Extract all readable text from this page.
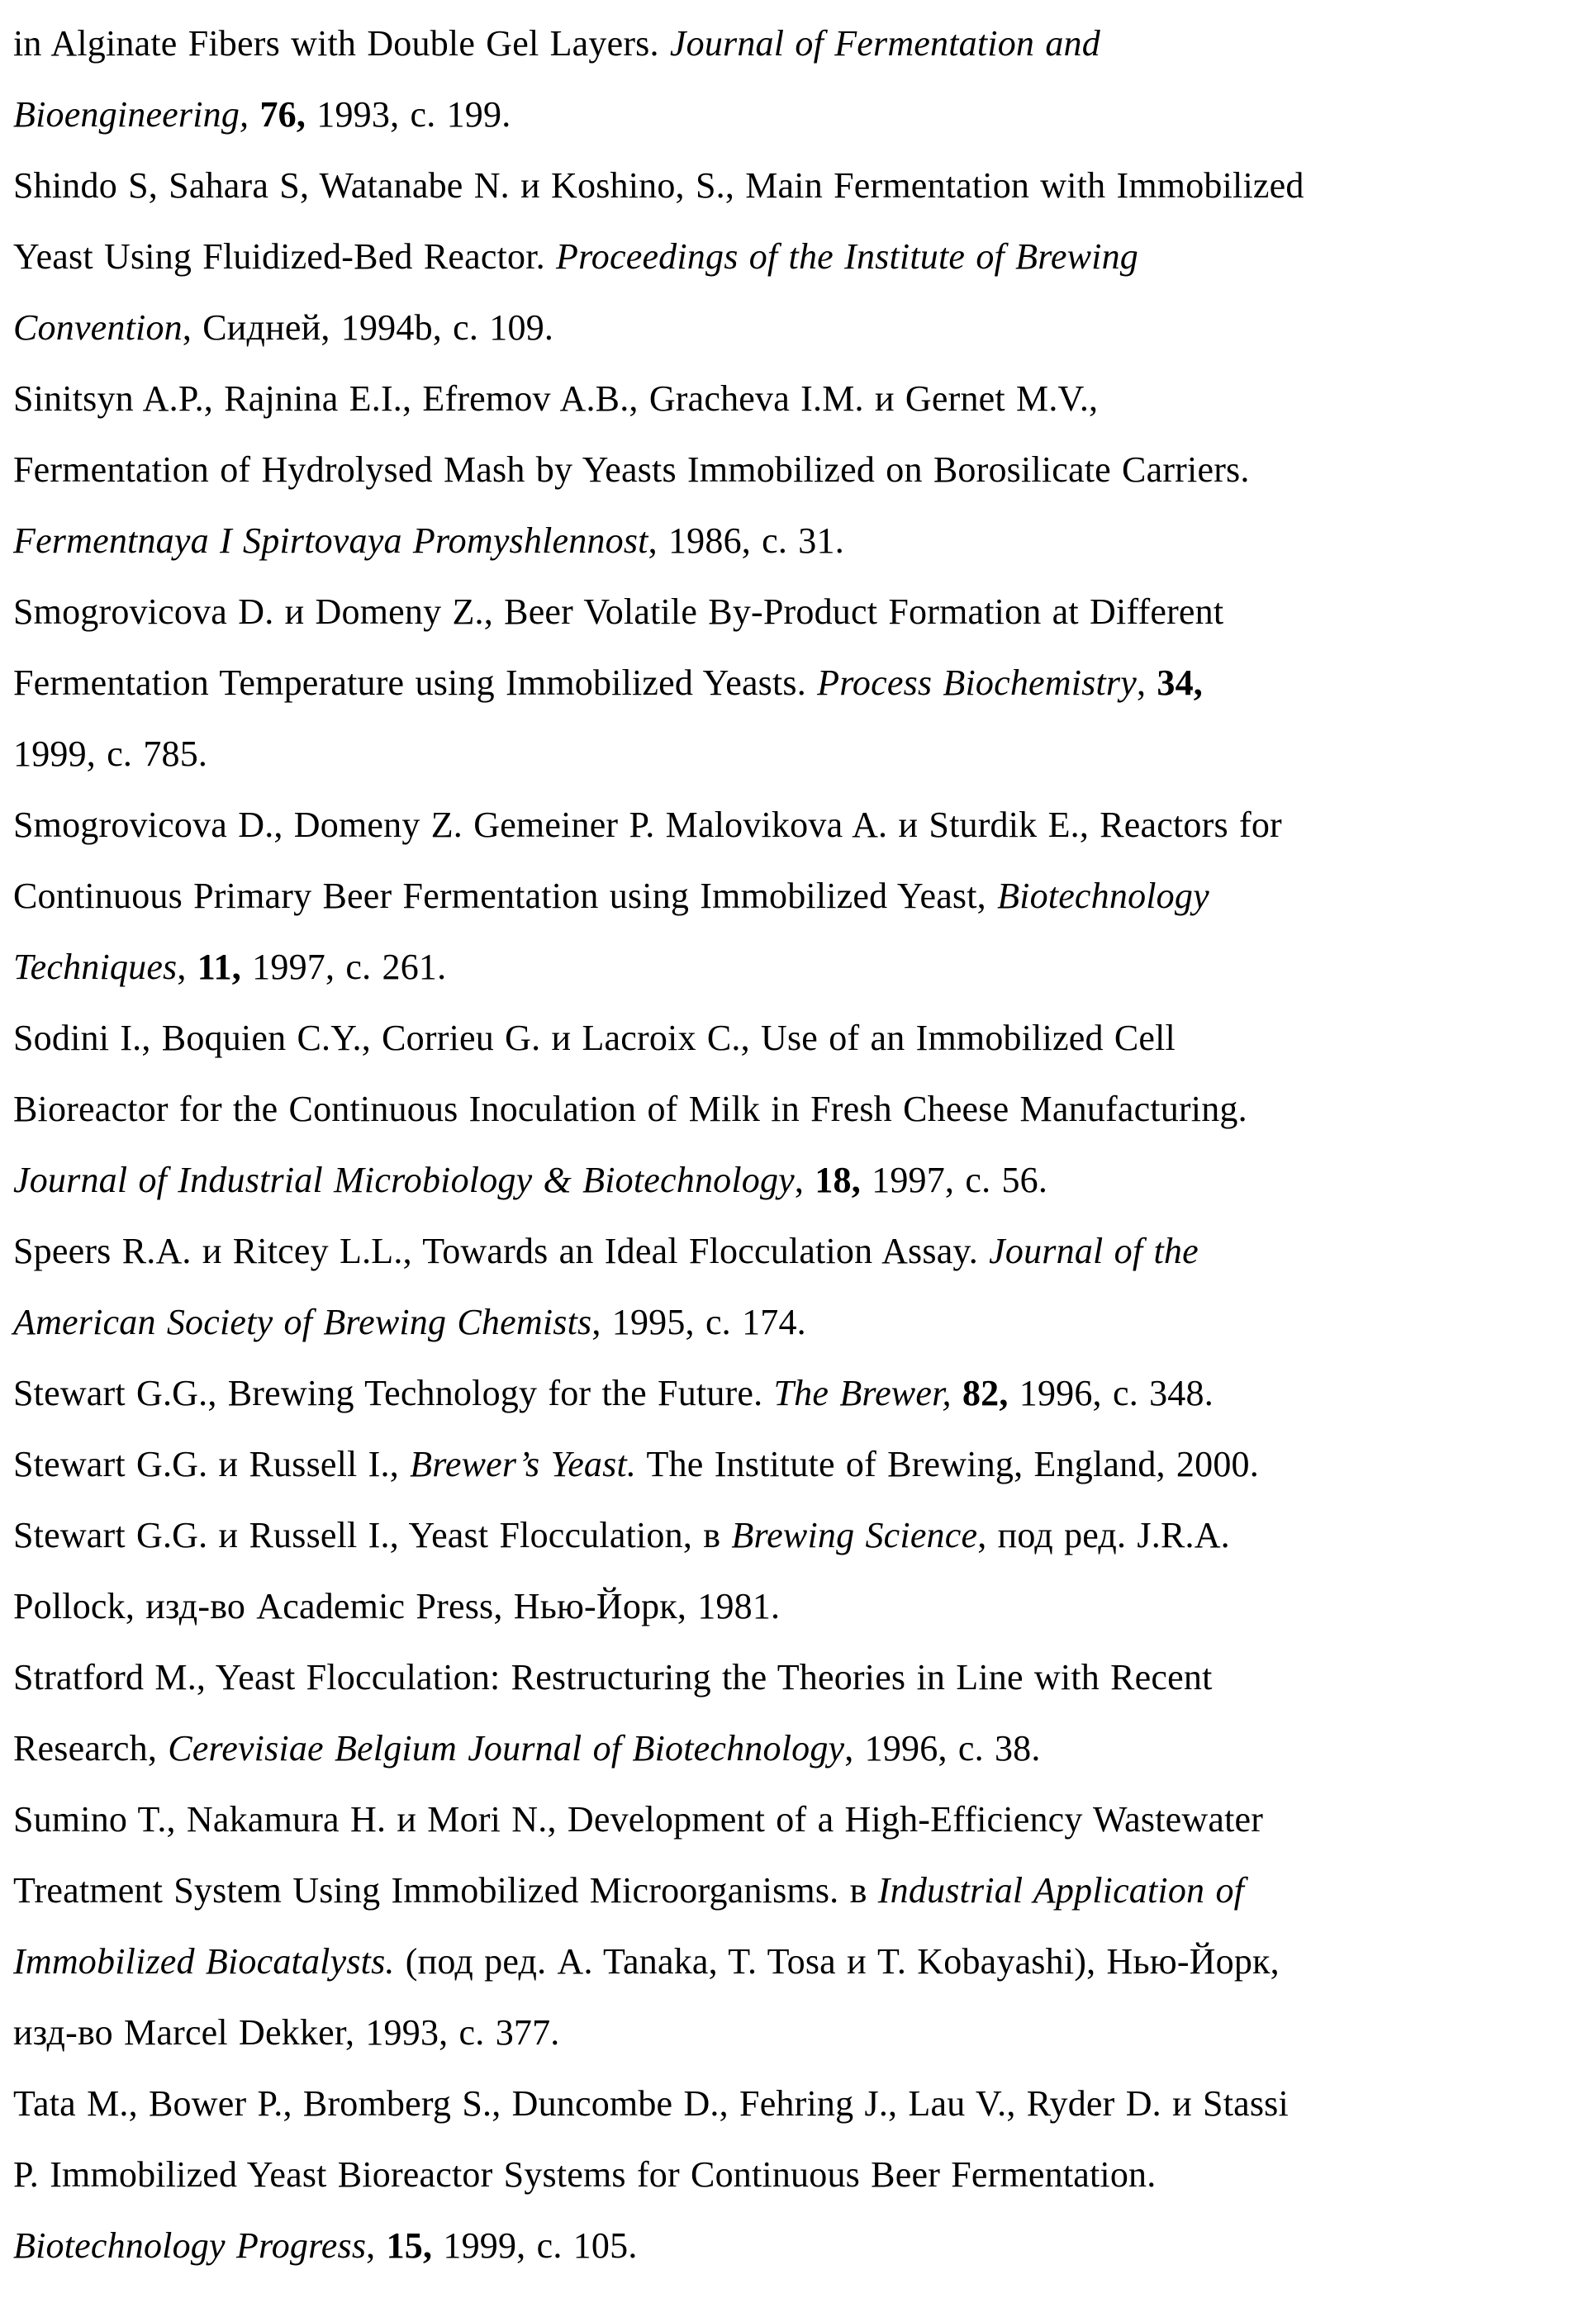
in Alginate Fibers with Double Gel Layers. Journal of Fermentation and
Bioengineering, 76, 1993, с. 199.
Shindo S, Sahara S, Watanabe N. и Koshino, S., Main Fermentation with Immobilized
Yeast Using Fluidized-Bed Reactor. Proceedings of the Institute of Brewing
Convention, Сидней, 1994b, с. 109.
Sinitsyn A.P., Rajnina E.I., Efremov A.B., Gracheva I.M. и Gernet M.V.,
Fermentation of Hydrolysed Mash by Yeasts Immobilized on Borosilicate Carriers.
Fermentnaya I Spirtovaya Promyshlennost, 1986, с. 31.
Smogrovicova D. и Domeny Z., Beer Volatile By-Product Formation at Different
Fermentation Temperature using Immobilized Yeasts. Process Biochemistry, 34,
1999, с. 785.
Smogrovicova D., Domeny Z. Gemeiner P. Malovikova A. и Sturdik E., Reactors for
Continuous Primary Beer Fermentation using Immobilized Yeast, Biotechnology
Techniques, 11, 1997, с. 261.
Sodini I., Boquien C.Y., Corrieu G. и Lacroix C., Use of an Immobilized Cell
Bioreactor for the Continuous Inoculation of Milk in Fresh Cheese Manufacturing.
Journal of Industrial Microbiology & Biotechnology, 18, 1997, с. 56.
Speers R.A. и Ritcey L.L., Towards an Ideal Flocculation Assay. Journal of the
American Society of Brewing Chemists, 1995, с. 174.
Stewart G.G., Brewing Technology for the Future. The Brewer, 82, 1996, с. 348.
Stewart G.G. и Russell I., Brewer’s Yeast. The Institute of Brewing, England, 2000.
Stewart G.G. и Russell I., Yeast Flocculation, в Brewing Science, под ред. J.R.A.
Pollock, изд-во Academic Press, Нью-Йорк, 1981.
Stratford M., Yeast Flocculation: Restructuring the Theories in Line with Recent
Research, Cerevisiae Belgium Journal of Biotechnology, 1996, с. 38.
Sumino T., Nakamura H. и Mori N., Development of a High-Efficiency Wastewater
Treatment System Using Immobilized Microorganisms. в Industrial Application of
Immobilized Biocatalysts. (под ред. A. Tanaka, T. Tosa и T. Kobayashi), Нью-Йорк,
изд-во Marcel Dekker, 1993, с. 377.
Tata M., Bower P., Bromberg S., Duncombe D., Fehring J., Lau V., Ryder D. и Stassi
P. Immobilized Yeast Bioreactor Systems for Continuous Beer Fermentation.
Biotechnology Progress, 15, 1999, с. 105.
